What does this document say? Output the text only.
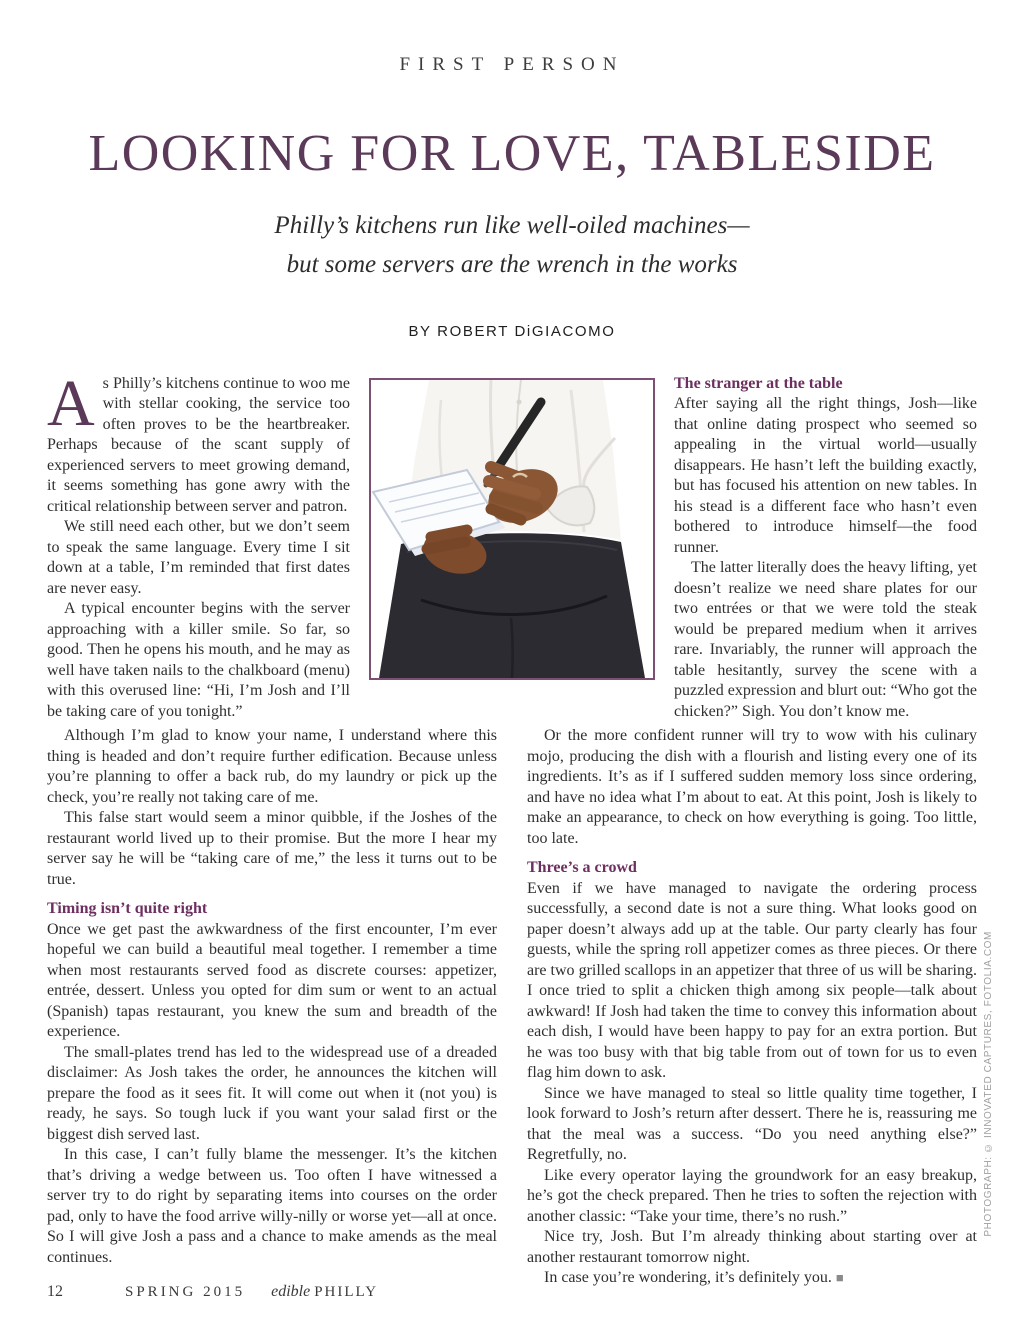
FIRST PERSON
LOOKING FOR LOVE, TABLESIDE
Philly’s kitchens run like well-oiled machines—
but some servers are the wrench in the works
BY ROBERT DiGIACOMO

As Philly’s kitchens continue to woo me with stellar cooking, the service too often proves to be the heartbreaker. Perhaps because of the scant supply of experienced servers to meet growing demand, it seems something has gone awry with the critical relationship between server and patron.

We still need each other, but we don’t seem to speak the same language. Every time I sit down at a table, I’m reminded that first dates are never easy.

A typical encounter begins with the server approaching with a killer smile. So far, so good. Then he opens his mouth, and he may as well have taken nails to the chalkboard (menu) with this overused line: “Hi, I’m Josh and I’ll be taking care of you tonight.”

The stranger at the table

After saying all the right things, Josh—like that online dating prospect who seemed so appealing in the virtual world—usually disappears. He hasn’t left the building exactly, but has focused his attention on new tables. In his stead is a different face who hasn’t even bothered to introduce himself—the food runner.

The latter literally does the heavy lifting, yet doesn’t realize we need share plates for our two entrées or that we were told the steak would be prepared medium when it arrives rare. Invariably, the runner will approach the table hesitantly, survey the scene with a puzzled expression and blurt out: “Who got the chicken?” Sigh. You don’t know me.

Although I’m glad to know your name, I understand where this thing is headed and don’t require further edification. Because unless you’re planning to offer a back rub, do my laundry or pick up the check, you’re really not taking care of me.

This false start would seem a minor quibble, if the Joshes of the restaurant world lived up to their promise. But the more I hear my server say he will be “taking care of me,” the less it turns out to be true.

Timing isn’t quite right

Once we get past the awkwardness of the first encounter, I’m ever hopeful we can build a beautiful meal together. I remember a time when most restaurants served food as discrete courses: appetizer, entrée, dessert. Unless you opted for dim sum or went to an actual (Spanish) tapas restaurant, you knew the sum and breadth of the experience.

The small-plates trend has led to the widespread use of a dreaded disclaimer: As Josh takes the order, he announces the kitchen will prepare the food as it sees fit. It will come out when it (not you) is ready, he says. So tough luck if you want your salad first or the biggest dish served last.

In this case, I can’t fully blame the messenger. It’s the kitchen that’s driving a wedge between us. Too often I have witnessed a server try to do right by separating items into courses on the order pad, only to have the food arrive willy-nilly or worse yet—all at once. So I will give Josh a pass and a chance to make amends as the meal continues.

Or the more confident runner will try to wow with his culinary mojo, producing the dish with a flourish and listing every one of its ingredients. It’s as if I suffered sudden memory loss since ordering, and have no idea what I’m about to eat. At this point, Josh is likely to make an appearance, to check on how everything is going. Too little, too late.

Three’s a crowd

Even if we have managed to navigate the ordering process successfully, a second date is not a sure thing. What looks good on paper doesn’t always add up at the table. Our party clearly has four guests, while the spring roll appetizer comes as three pieces. Or there are two grilled scallops in an appetizer that three of us will be sharing. I once tried to split a chicken thigh among six people—talk about awkward! If Josh had taken the time to convey this information about each dish, I would have been happy to pay for an extra portion. But he was too busy with that big table from out of town for us to even flag him down to ask.

Since we have managed to steal so little quality time together, I look forward to Josh’s return after dessert. There he is, reassuring me that the meal was a success. “Do you need anything else?” Regretfully, no.

Like every operator laying the groundwork for an easy breakup, he’s got the check prepared. Then he tries to soften the rejection with another classic: “Take your time, there’s no rush.”

Nice try, Josh. But I’m already thinking about starting over at another restaurant tomorrow night.

In case you’re wondering, it’s definitely you. ■

12	SPRING 2015 edible PHILLY
PHOTOGRAPH: © INNOVATED CAPTURES, FOTOLIA.COM
